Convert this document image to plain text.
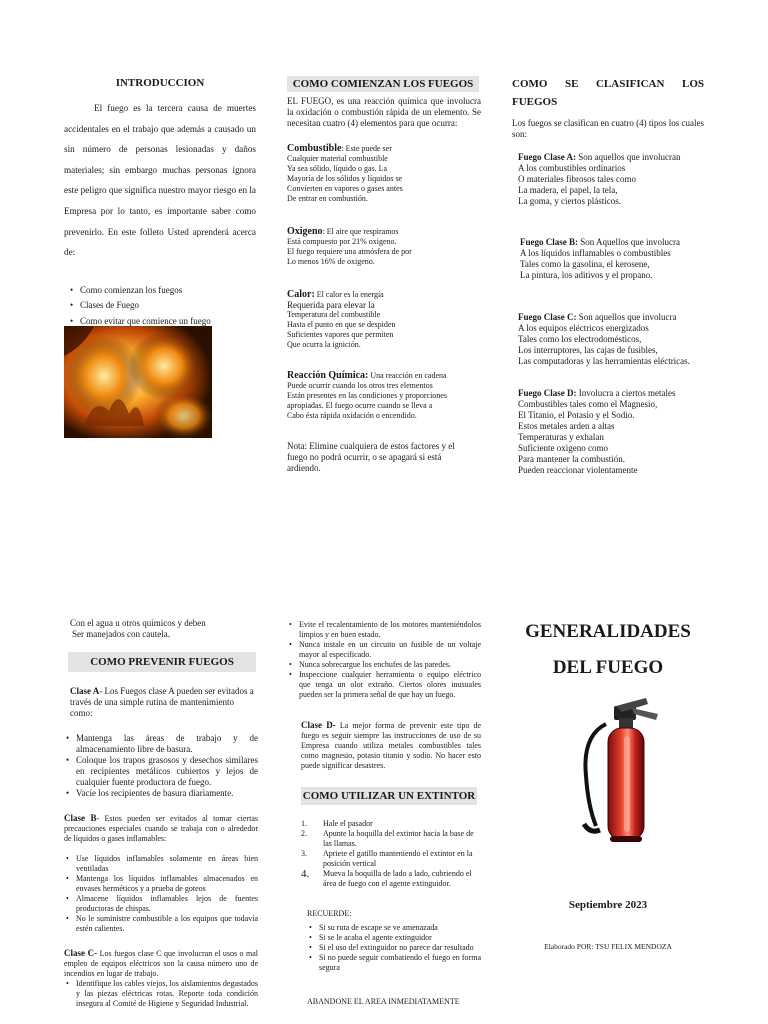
INTRODUCCION

El fuego es la tercera causa de muertes accidentales en el trabajo que además a causado un sin número de personas lesionadas y daños materiales; sin embargo muchas personas ignora este peligro que significa nuestro mayor riesgo en la Empresa por lo tanto, es importante saber como prevenirlo. En este folleto Usted aprenderá acerca de:

• Como comienzan los fuegos
• Clases de Fuego
• Como evitar que comience un fuego
•
COMO COMIENZAN LOS FUEGOS

EL FUEGO, es una reacción química que involucra la oxidación o combustión rápida de un elemento. Se necesitan cuatro (4) elementos para que ocurra:

Combustible: Este puede ser
Cualquier material combustible
Ya sea sólido, líquido o gas. La
Mayoría de los sólidos y líquidos se
Convierten en vapores o gases antes
De entrar en combustión.
Oxigeno: El aire que respiramos
Está compuesto por 21% oxigeno.
El fuego requiere una atmósfera de por
Lo menos 16% de oxigeno.
Calor: El calor es la energía
Requerida para elevar la
Temperatura del combustible
Hasta el punto en que se despiden
Suficientes vapores que permiten
Que ocurra la ignición.
Reacción Química: Una reacción en cadena
Puede ocurrir cuando los otros tres elementos
Están presentes en las condiciones y proporciones
apropiadas. El fuego ocurre cuando se lleva a
Cabo ésta rápida oxidación o encendido.

Nota: Elimine cualquiera de estos factores y el fuego no podrá ocurrir, o se apagará si está ardiendo.

COMO SE CLASIFICAN LOS
FUEGOS

Los fuegos se clasifican en cuatro (4) tipos los cuales son:

Fuego Clase A: Son aquellos que involucran
A los combustibles ordinarios
O materiales fibrosos tales como
La madera, el papel, la tela,
La goma, y ciertos plásticos.
Fuego Clase B: Son Aquellos que involucra
A los líquidos inflamables o combustibles
Tales como la gasolina, el kerosene,
La pintura, los aditivos y el propano.
Fuego Clase C: Son aquellos que involucra
A los equipos eléctricos energizados
Tales como los electrodomésticos,
Los interruptores, las cajas de fusibles,
Las computadoras y las herramientas eléctricas.
Fuego Clase D: Involucra a ciertos metales
Combustibles tales como el Magnesio,
El Titanio, el Potasio y el Sodio.
Estos metales arden a altas
Temperaturas y exhalan
Suficiente oxigeno como
Para mantener la combustión.
Pueden reaccionar violentamente
Con el agua u otros químicos y deben
Ser manejados con cautela.
COMO PREVENIR FUEGOS

Clase A- Los Fuegos clase A pueden ser evitados a través de una simple rutina de mantenimiento como:

• Mantenga las áreas de trabajo y de almacenamiento libre de basura.
• Coloque los trapos grasosos y desechos similares en recipientes metálicos cubiertos y lejos de cualquier fuente productora de fuego.
• Vacíe los recipientes de basura diariamente.

Clase B- Estos pueden ser evitados al tomar ciertas precauciones especiales cuando se trabaja con o alrededor de líquidos o gases inflamables:

• Use líquidos inflamables solamente en áreas bien ventiladas
• Mantenga los líquidos inflamables almacenados en envases herméticos y a prueba de goteos
• Almacene líquidos inflamables lejos de fuentes productoras de chispas.
• No le suministre combustible a los equipos que todavía estén calientes.

Clase C- Los fuegos clase C que involucran el usos o mal empleo de equipos eléctricos son la causa número uno de incendios en lugar de trabajo.

• Identifique los cables viejos, los aislamientos degastados y las piezas eléctricas rotas. Reporte toda condición insegura al Comité de Higiene y Seguridad Industrial.
• Evite el recalentamiento de los motores manteniéndolos limpios y en buen estado.
• Nunca instale en un circuito un fusible de un voltaje mayor al especificado.
• Nunca sobrecargue los enchufes de las paredes.
• Inspeccione cualquier herramienta o equipo eléctrico que tenga un olor extraño. Ciertos olores inusuales pueden ser la primera señal de que hay un fuego.

Clase D- La mejor forma de prevenir este tipo de fuego es seguir siempre las instrucciones de uso de su Empresa cuando utiliza metales combustibles tales como magnesio, potasio titanio y sodio. No hacer esto puede significar desastres.

COMO UTILIZAR UN EXTINTOR
1. Hale el pasador
2. Apunte la boquilla del extintor hacia la base de las llamas.
3. Apriete el gatillo manteniendo el extintor en la posición vertical
4. Mueva la boquilla de lado a lado, cubriendo el área de fuego con el agente extinguidor.
RECUERDE:
• Si su ruta de escape se ve amenazada
• Si se le acaba el agente extinguidor
• Si el uso del extinguidor no parece dar resultado
• Si no puede seguir combatiendo el fuego en forma segura
ABANDONE EL AREA INMEDIATAMENTE
GENERALIDADES
DEL FUEGO
Septiembre 2023
Elaborado POR: TSU FELIX MENDOZA
